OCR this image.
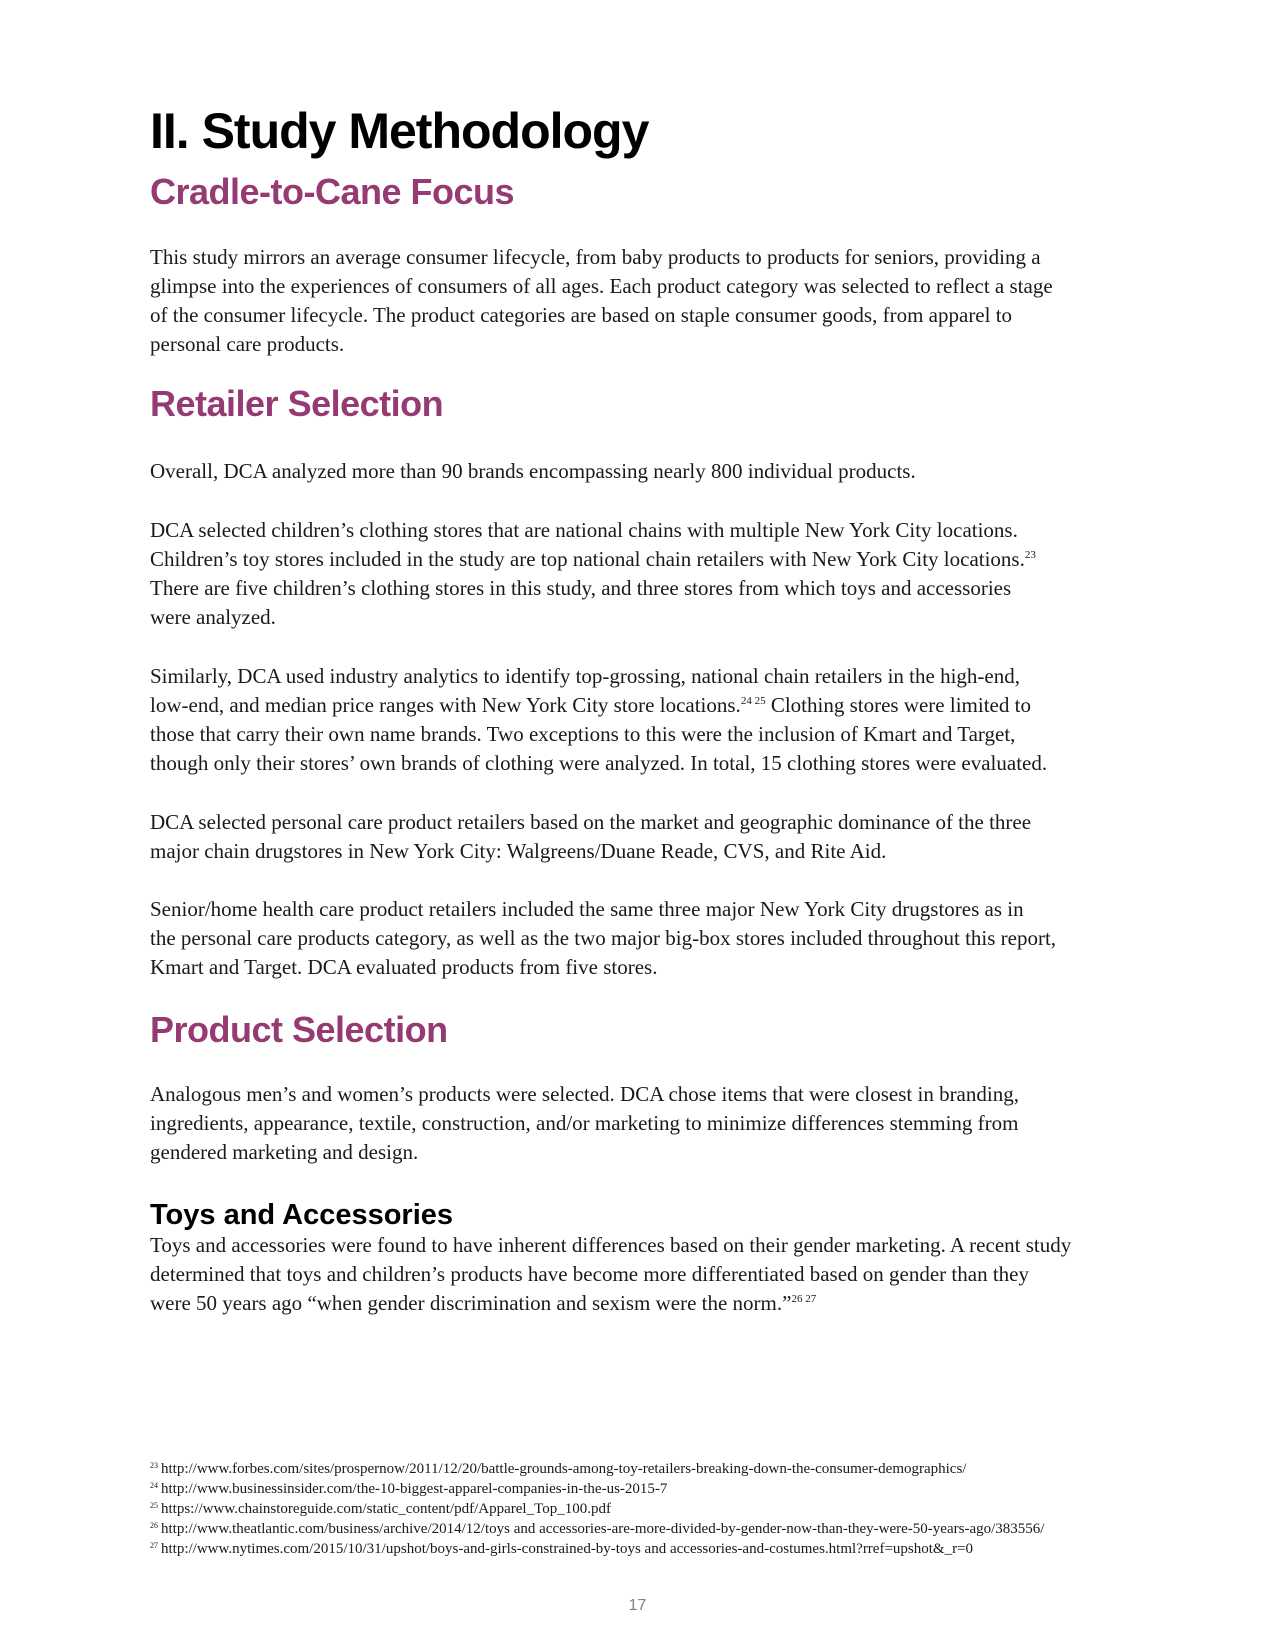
II. Study Methodology
Cradle-to-Cane Focus

This study mirrors an average consumer lifecycle, from baby products to products for seniors, providing a
glimpse into the experiences of consumers of all ages. Each product category was selected to reflect a stage
of the consumer lifecycle. The product categories are based on staple consumer goods, from apparel to
personal care products.

Retailer Selection

Overall, DCA analyzed more than 90 brands encompassing nearly 800 individual products.

DCA selected children’s clothing stores that are national chains with multiple New York City locations.
Children’s toy stores included in the study are top national chain retailers with New York City locations.$^{23}$
There are five children’s clothing stores in this study, and three stores from which toys and accessories
were analyzed.

Similarly, DCA used industry analytics to identify top-grossing, national chain retailers in the high-end,
low-end, and median price ranges with New York City store locations.$^{24 25}$ Clothing stores were limited to
those that carry their own name brands. Two exceptions to this were the inclusion of Kmart and Target,
though only their stores’ own brands of clothing were analyzed. In total, 15 clothing stores were evaluated.

DCA selected personal care product retailers based on the market and geographic dominance of the three
major chain drugstores in New York City: Walgreens/Duane Reade, CVS, and Rite Aid.

Senior/home health care product retailers included the same three major New York City drugstores as in
the personal care products category, as well as the two major big-box stores included throughout this report,
Kmart and Target. DCA evaluated products from five stores.

Product Selection

Analogous men’s and women’s products were selected. DCA chose items that were closest in branding,
ingredients, appearance, textile, construction, and/or marketing to minimize differences stemming from
gendered marketing and design.

Toys and Accessories

Toys and accessories were found to have inherent differences based on their gender marketing. A recent study
determined that toys and children’s products have become more differentiated based on gender than they
were 50 years ago “when gender discrimination and sexism were the norm.”$^{26 27}$

$^{23}$ http://www.forbes.com/sites/prospernow/2011/12/20/battle-grounds-among-toy-retailers-breaking-down-the-consumer-demographics/
$^{24}$ http://www.businessinsider.com/the-10-biggest-apparel-companies-in-the-us-2015-7
$^{25}$ https://www.chainstoreguide.com/static_content/pdf/Apparel_Top_100.pdf
$^{26}$ http://www.theatlantic.com/business/archive/2014/12/toys and accessories-are-more-divided-by-gender-now-than-they-were-50-years-ago/383556/
$^{27}$ http://www.nytimes.com/2015/10/31/upshot/boys-and-girls-constrained-by-toys and accessories-and-costumes.html?rref=upshot&_r=0
17
